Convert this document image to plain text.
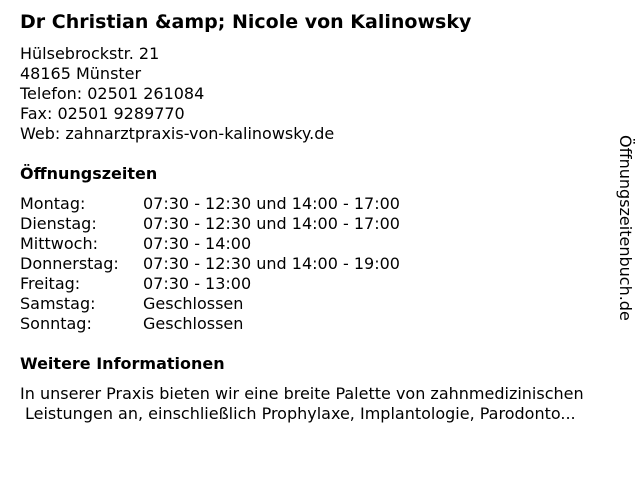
Dr Christian &amp; Nicole von Kalinowsky
Hülsebrockstr. 21
48165 Münster
Telefon: 02501 261084
Fax: 02501 9289770
Web: zahnarztpraxis-von-kalinowsky.de
Öffnungszeiten
Montag:	07:30 - 12:30 und 14:00 - 17:00
Dienstag:	07:30 - 12:30 und 14:00 - 17:00
Mittwoch:	07:30 - 14:00
Donnerstag: 07:30 - 12:30 und 14:00 - 19:00
Freitag:	07:30 - 13:00
Samstag:	Geschlossen
Sonntag:	Geschlossen
Weitere Informationen
In unserer Praxis bieten wir eine breite Palette von zahnmedizinischen
Leistungen an, einschließlich Prophylaxe, Implantologie, Parodonto...
Öffnungszeitenbuch.de
